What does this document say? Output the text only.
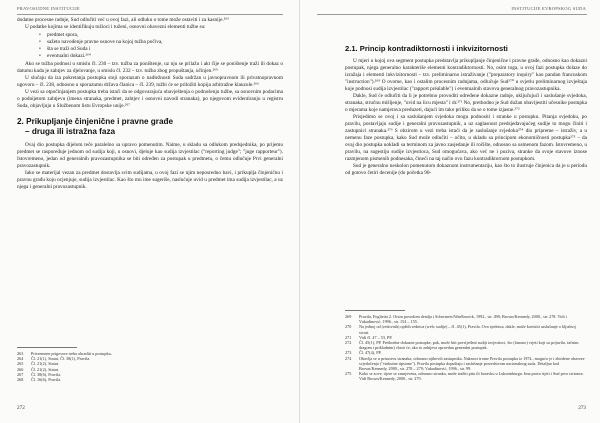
PRAVOSUDNE INSTITUCIJE

dodatne procesne radnje, Sud odlučiti već u ovoj fazi, ali odluku o tome može ostaviti i za kasnije.²⁶³

U podatke kojima se identifikuju tužioci i tuženi, osnovni obavezni elementi tužbe su:

• predmet spora,
• sažeto navođenje pravne osnove na kojoj tužba počiva,
• šta se traži od Suda i
• eventualni dokazi.²⁶⁴

Ako se tužba podnosi u smislu čl. 230 – tzv. tužba za poništenje, uz nju se prilažu i akt čije se poništenje traži ili dokaz o datumu kada je zahtjev za djelovanje, u smislu čl. 232 – tzv. tužba zbog propuštanja, učinjen.²⁶⁵

U slučaju da iza pokretanja postupka stoji sporazum o nadležnosti Suda sadržan u javnopravnom ili privatnopravnom ugovoru – čl. 238, odnosno u sporazumu država članica – čl. 239, tužbi će se priložiti kopija arbitražne klauzule.²⁶⁶

U vezi sa otpočinjanjem postupka treba istaći da se odgovarajuća obavještenja o podnošenju tužbe, sa osnovnim podacima o podnijetom zahtjevu (imena stranaka, predmet, zahtjev i osnovni navodi stranaka), po njegovom evidentiranju u registru Suda, objavljuju u Službenom listu Evropske unije.²⁶⁷

2. Prikupljanje činjenične i pravne građe
– druga ili istražna faza

Ovaj dio postupka dijelom teče paralelno sa upravo pomenutim. Naime, u skladu sa odlukom predsjednika, po prijemu predmet se raspoređuje jednom od sudija koji, u osnovi, djeluje kao sudija izvjestilac ("reporting judge"; "juge rapporteur"). Istovremeno, jedan od generalnih pravozastupnika se biti određen za postupak u predmetu, o čemu odlučuje Prvi generalni pravozastupnik.

Iako se materijal vezan za predmet dostavlja svim sudijama, u ovoj fazi se njim neposredno bavi, i prikuplja činjeničnu i pravnu građu koju ocjenjuje, sudija izvjestilac. Kao što mu ime sugeriše, naslućuje uvid u predmet ima sudija izvjestilac, a uz njega i generalni pravozastupnik.

263	Privremene prigovore treba obraditi u postupku.
264	Čl. 21(1), Statut, Čl. 38(1), Pravila.
265	Čl. 21(2), Statut.
266	Čl. 21(2), Statut.
267	Čl. 38(6), Pravila.
268	Čl. 16(6), Pravila.
272
INSTITUCIJE EVROPSKOG SUDA
2.1. Princip kontradiktornosti i inkvizitornosti

U mjeri u kojoj ova segment postupka predstavlja prikupljanje činjenične i pravne građe, odnosno kao dokazni postupak, njega generalno karakteriše elementi kontradiktornosti. No, osim toga, u ovoj fazi postupka dolaze do izražaja i elementi inkvizitornosti – tzv. preliminarno istraživanje ("preparatory inquiry" kao pandan francuskom "instruction").²⁶⁹ O ovome, kao i ostalim procesnim radnjama, odlučuje Sud²⁷⁰ u svjetlu preliminarnog izvještaja koje podnosi sudija izvjestilac ("rapport préalable") i eventualnih stavova generalnog pravozastupnika.

Dakle, Sud će odlučiti da li je potrebno provoditi određene dokazne radnje, uključujući i saslušanje svjedoka, stranaka, stručnu mišljenje, "uvid na licu mjesta" i dr.²⁷¹ No, prethodno je Sud dužan obavijestiti učesnike postupka o mjerama koje namjerava preduzeti, dajući im tako priliku da se o tome izjasne.²⁷²

Prisjedimo se ovoj i sa saslušanjem svjedoka mogu podnositi i stranke u postupku. Pitanja svjedoku, po pravilu, postavljaju sudije i generalni pravozastupnik, a uz saglasnost predsjedavajućeg sudije to mogu činiti i zastupnici stranaka.²⁷³ S obzirom u vezi treba istaći da je saslušanje svjedoka²⁷⁴ dio pripreme – istraživ, a u nemenu faze postupka, kako Sud može odlučiti – očito, u skladu sa principom ekonomičnosti postupka²⁷⁵ – da ovaj dio postupka uokladi sa terminom za javno zasjedanje ili ročište, odnosno sa usmenom fazom. Istovremeno, u pravilu, na sugestiju sudije izvjestioca, Sud omogućava, ako već ne i poziva, stranke da svoje stavove iznose razmjenom pismenih podnesaka, čineći na taj način ovu fazu kontradiktornom postupkom.

Sud je generalno neskolon pomenutom dokaznom instrumentariju, kao što to ilustruje činjenica da je u periodu od gotovo četiri decenije (do početka 90-

269	Pravila, Foglietta 2. Orion povodom detalja i Schermers/Waelbroeck, 1992., str. 490; Brown/Kennedy, 2000., str. 278. Vidi i Vukadinović, 1996., str. 154 – 155.
270	Na jednoj od (redovnih) opštih sednica (weh; sudije) – čl. 45(1), Pravila. Ova sjednica, dakle, može koristiti saslušanje o ključnoj stvari.
271	Vidi čl. 47 – 53, PP.
272	Čl. 45(1), PP. Prethodne dokazne postupke, pak, može biti povrijeđeni sudiji izvjestioci, što (fanono) vrjeti koji su prijavila, tačnim dragom i prikladnim) vlasti će, ako to zahtjeva opravdan generalni postupak.
273	Čl. 47(4), PP.
274	Obavlja se u prisustvu stranaka, odnosno njihovih zastupnika. Naknovi trome Pravila postupka iz 1974., mogućo je i zbirdene obaveze svjedočenja ("vinkutne tipstone"). Pravila postupka dopuštaju i saslušanje posredstvom nacionalnog suda. Detaljno kod Brown/Kennedy, 2000., str. 278 – 279; Vukadinović, 1996., str. 99.
275	Kako se zove, tijere se zasnjevena, odnosno stranka, može tražiti pitu ili boravku u Luksemburgu. Ima pravo tijeti i Sud prvo izrtanca. Vidi Brown/Kennedy, 2000., str. 279.
273
